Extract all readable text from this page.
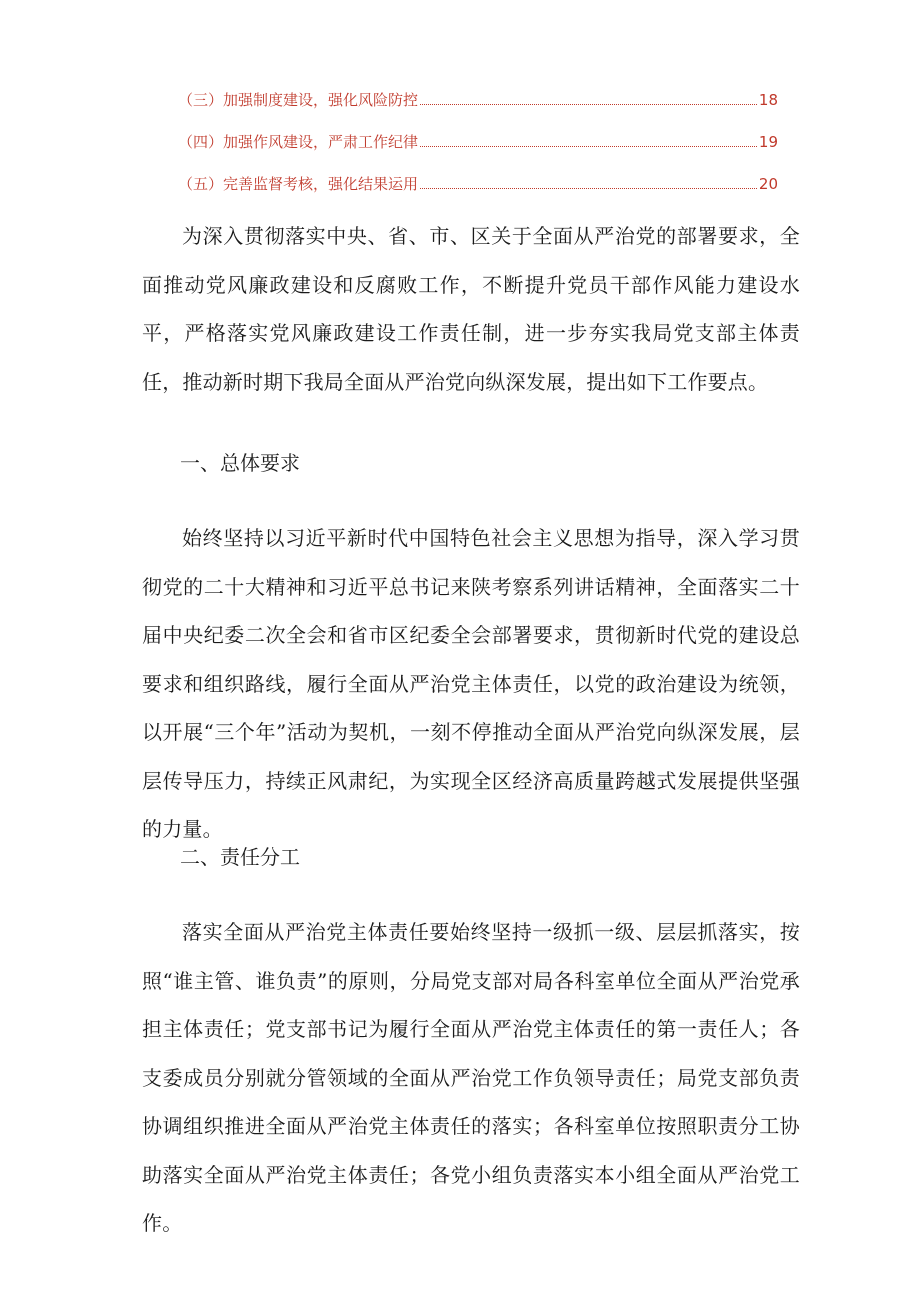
（三）加强制度建设，强化风险防控	18
（四）加强作风建设，严肃工作纪律	19
（五）完善监督考核，强化结果运用	20

为深入贯彻落实中央、省、市、区关于全面从严治党的部署要求，全面推动党风廉政建设和反腐败工作，不断提升党员干部作风能力建设水平，严格落实党风廉政建设工作责任制，进一步夯实我局党支部主体责任，推动新时期下我局全面从严治党向纵深发展，提出如下工作要点。

一、总体要求

始终坚持以习近平新时代中国特色社会主义思想为指导，深入学习贯彻党的二十大精神和习近平总书记来陕考察系列讲话精神，全面落实二十届中央纪委二次全会和省市区纪委全会部署要求，贯彻新时代党的建设总要求和组织路线，履行全面从严治党主体责任，以党的政治建设为统领，以开展“三个年”活动为契机，一刻不停推动全面从严治党向纵深发展，层层传导压力，持续正风肃纪，为实现全区经济高质量跨越式发展提供坚强的力量。

二、责任分工

落实全面从严治党主体责任要始终坚持一级抓一级、层层抓落实，按照“谁主管、谁负责”的原则，分局党支部对局各科室单位全面从严治党承担主体责任；党支部书记为履行全面从严治党主体责任的第一责任人；各支委成员分别就分管领域的全面从严治党工作负领导责任；局党支部负责协调组织推进全面从严治党主体责任的落实；各科室单位按照职责分工协助落实全面从严治党主体责任；各党小组负责落实本小组全面从严治党工作。
